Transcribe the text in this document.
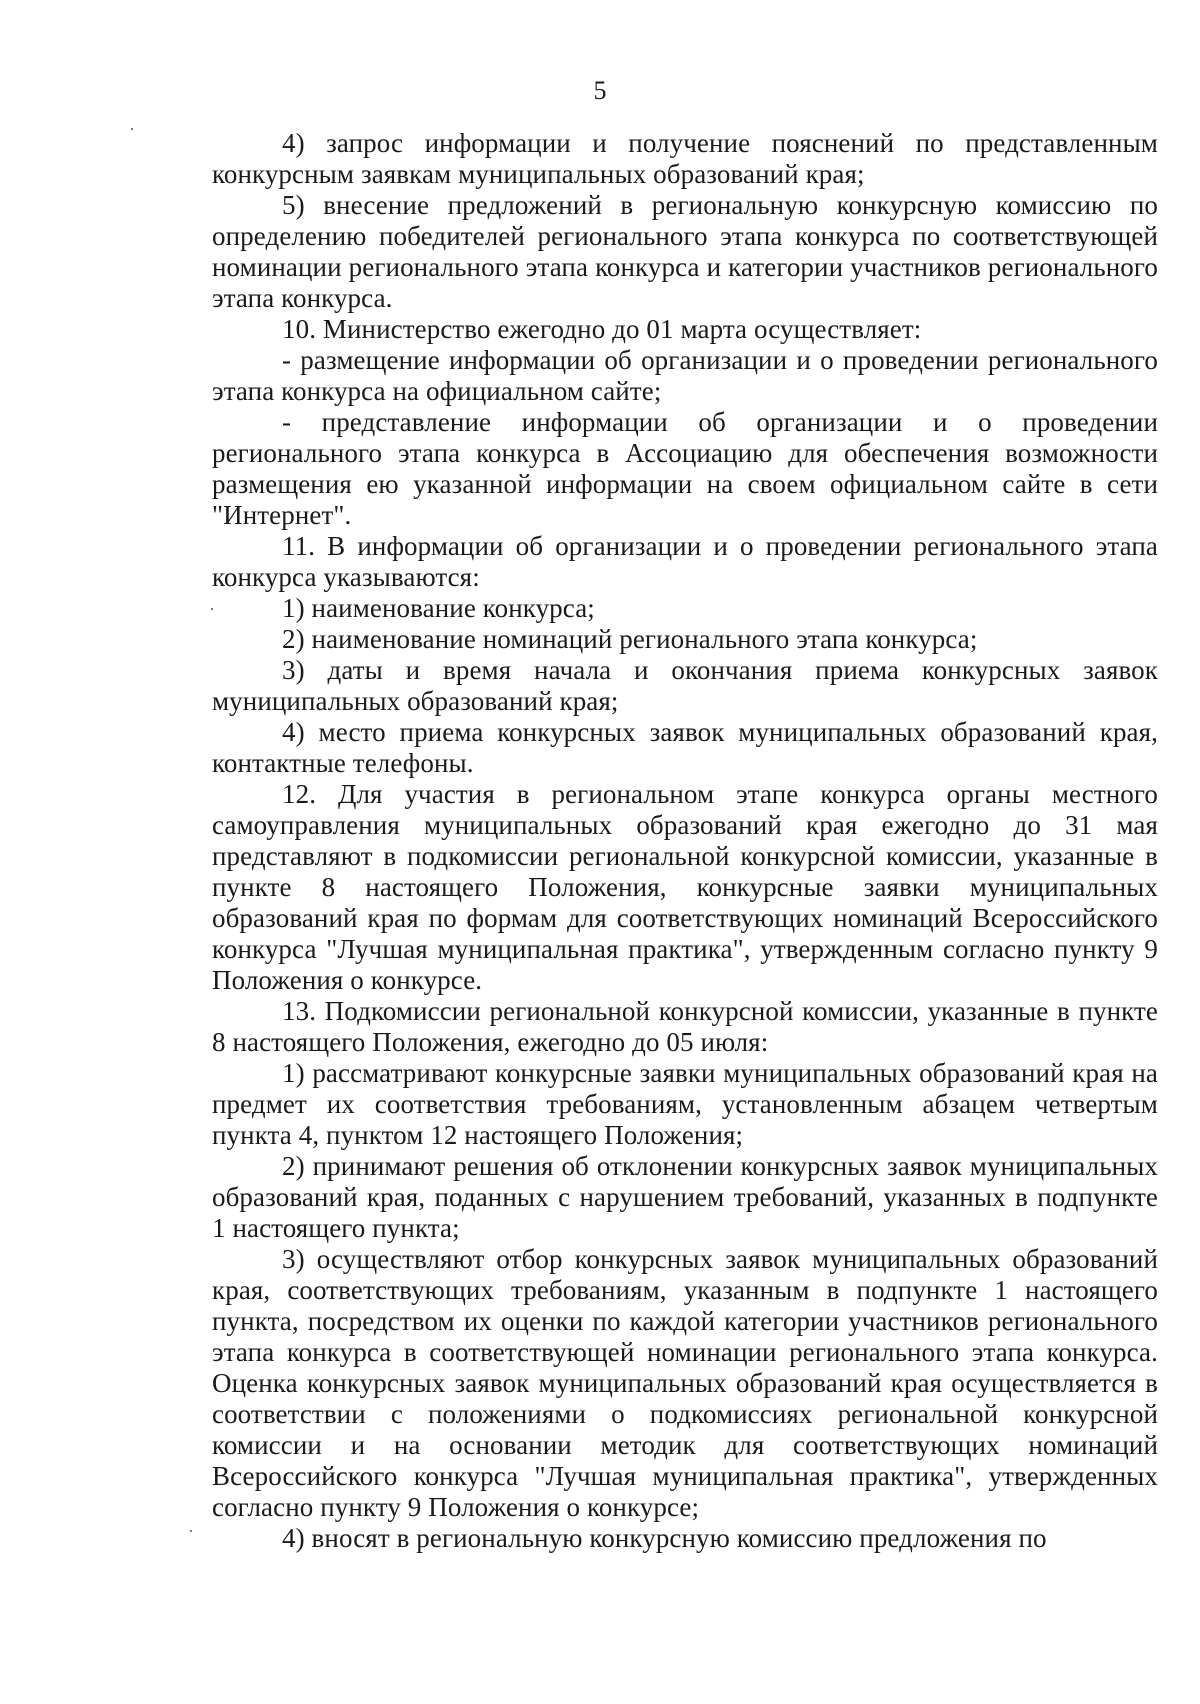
5

4) запрос информации и получение пояснений по представленным конкурсным заявкам муниципальных образований края;

5) внесение предложений в региональную конкурсную комиссию по определению победителей регионального этапа конкурса по соответствующей номинации регионального этапа конкурса и категории участников регионального этапа конкурса.

10. Министерство ежегодно до 01 марта осуществляет:

- размещение информации об организации и о проведении регионального этапа конкурса на официальном сайте;

- представление информации об организации и о проведении регионального этапа конкурса в Ассоциацию для обеспечения возможности размещения ею указанной информации на своем официальном сайте в сети "Интернет".

11. В информации об организации и о проведении регионального этапа конкурса указываются:

1) наименование конкурса;

2) наименование номинаций регионального этапа конкурса;

3) даты и время начала и окончания приема конкурсных заявок муниципальных образований края;

4) место приема конкурсных заявок муниципальных образований края, контактные телефоны.

12. Для участия в региональном этапе конкурса органы местного самоуправления муниципальных образований края ежегодно до 31 мая представляют в подкомиссии региональной конкурсной комиссии, указанные в пункте 8 настоящего Положения, конкурсные заявки муниципальных образований края по формам для соответствующих номинаций Всероссийского конкурса "Лучшая муниципальная практика", утвержденным согласно пункту 9 Положения о конкурсе.

13. Подкомиссии региональной конкурсной комиссии, указанные в пункте 8 настоящего Положения, ежегодно до 05 июля:

1) рассматривают конкурсные заявки муниципальных образований края на предмет их соответствия требованиям, установленным абзацем четвертым пункта 4, пунктом 12 настоящего Положения;

2) принимают решения об отклонении конкурсных заявок муниципальных образований края, поданных с нарушением требований, указанных в подпункте 1 настоящего пункта;

3) осуществляют отбор конкурсных заявок муниципальных образований края, соответствующих требованиям, указанным в подпункте 1 настоящего пункта, посредством их оценки по каждой категории участников регионального этапа конкурса в соответствующей номинации регионального этапа конкурса. Оценка конкурсных заявок муниципальных образований края осуществляется в соответствии с положениями о подкомиссиях региональной конкурсной комиссии и на основании методик для соответствующих номинаций Всероссийского конкурса "Лучшая муниципальная практика", утвержденных согласно пункту 9 Положения о конкурсе;

4) вносят в региональную конкурсную комиссию предложения по
